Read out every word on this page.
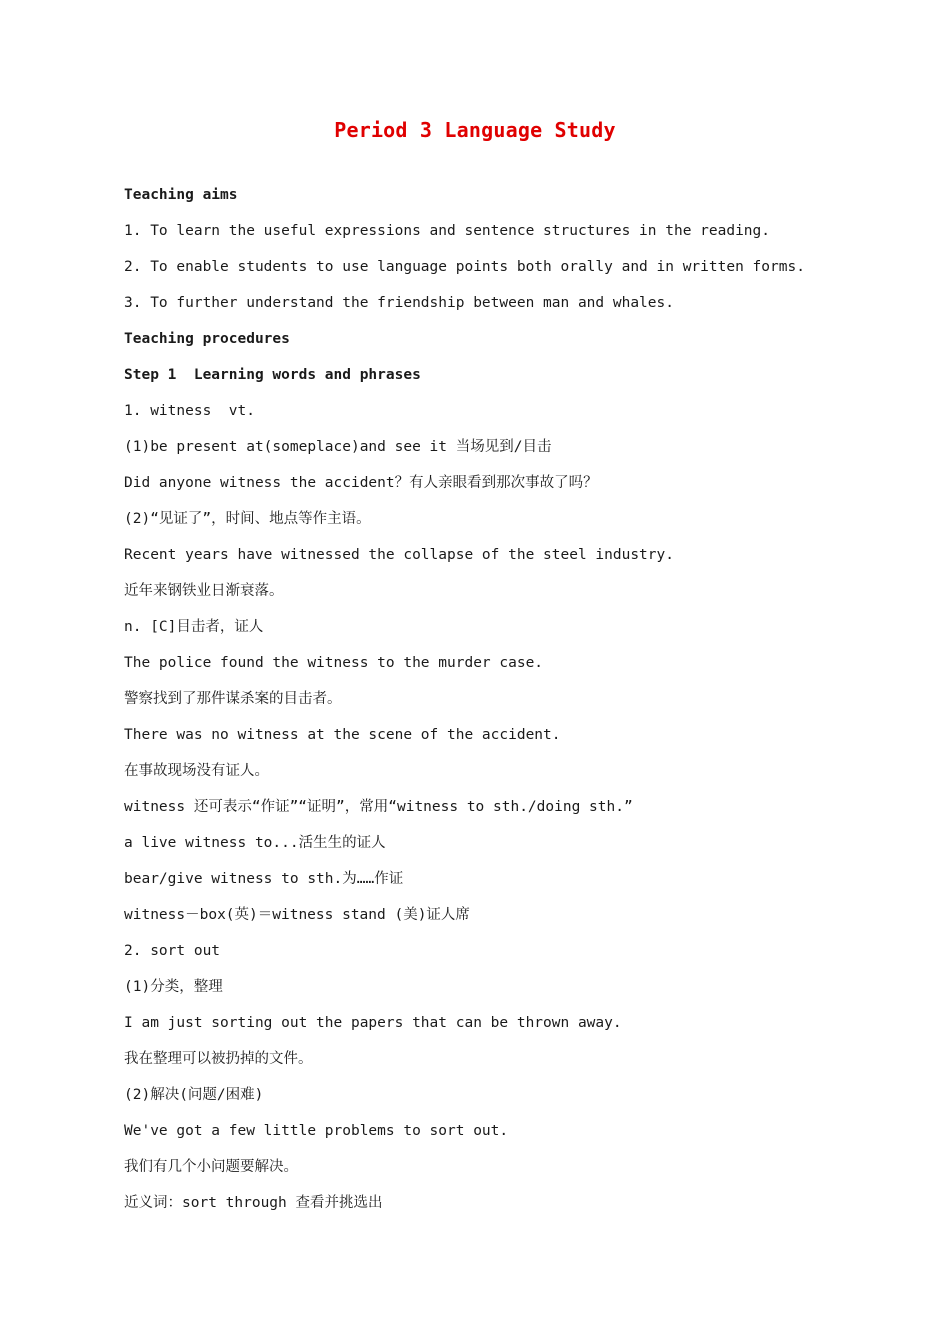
Period 3 Language Study
Teaching aims
1. To learn the useful expressions and sentence structures in the reading.
2. To enable students to use language points both orally and in written forms.
3. To further understand the friendship between man and whales.
Teaching procedures
Step 1  Learning words and phrases
1. witness  vt.
(1)be present at(someplace)and see it 当场见到/目击
Did anyone witness the accident？有人亲眼看到那次事故了吗？
(2)“见证了”，时间、地点等作主语。
Recent years have witnessed the collapse of the steel industry.
近年来钢铁业日渐衰落。
n. [C]目击者，证人
The police found the witness to the murder case.
警察找到了那件谋杀案的目击者。
There was no witness at the scene of the accident.
在事故现场没有证人。
witness 还可表示“作证”“证明”，常用“witness to sth./doing sth.”
a live witness to...活生生的证人
bear/give witness to sth.为……作证
witness－box(英)＝witness stand (美)证人席
2. sort out
(1)分类，整理
I am just sorting out the papers that can be thrown away.
我在整理可以被扔掉的文件。
(2)解决(问题/困难)
We've got a few little problems to sort out.
我们有几个小问题要解决。
近义词：sort through 查看并挑选出
